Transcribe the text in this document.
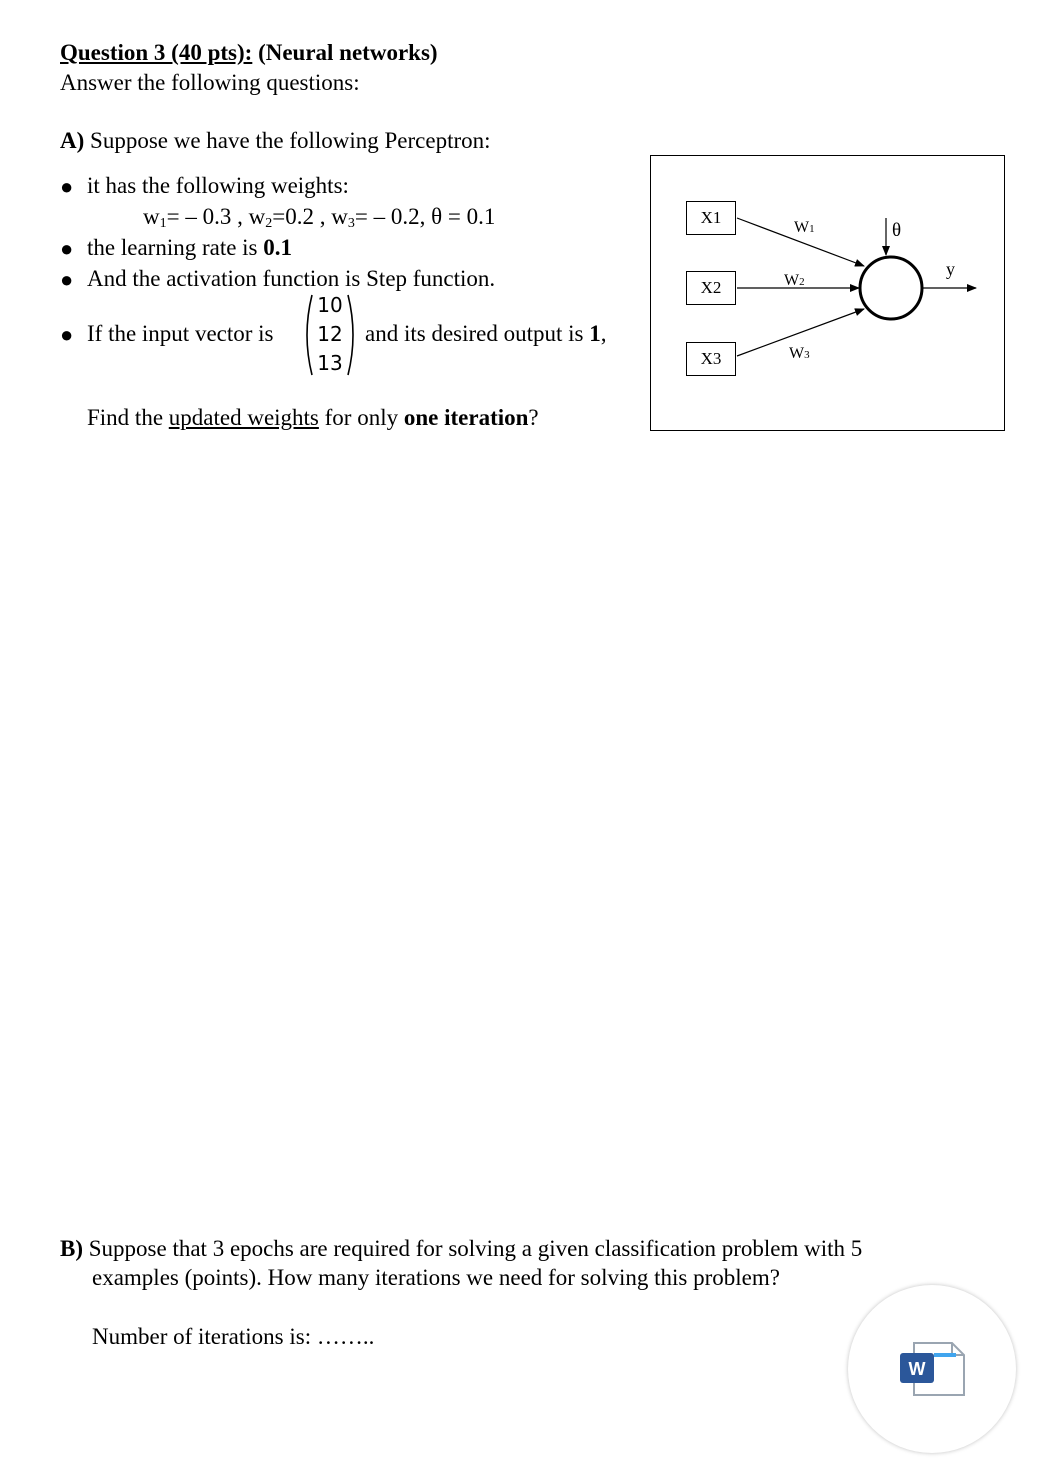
Question 3 (40 pts): (Neural networks)
Answer the following questions:
A) Suppose we have the following Perceptron:
● it has the following weights:
$w_1= - 0.3$ , $w_2=0.2$ , $w_3= - 0.2$, θ = 0.1
● the learning rate is 0.1
● And the activation function is Step function.
● If the input vector is
10
12
13
and its desired output is 1,
Find the updated weights for only one iteration?
X1
X2
X3
W1
W2
W3
θ
y
B) Suppose that 3 epochs are required for solving a given classification problem with 5
examples (points). How many iterations we need for solving this problem?
Number of iterations is: ……..
W
